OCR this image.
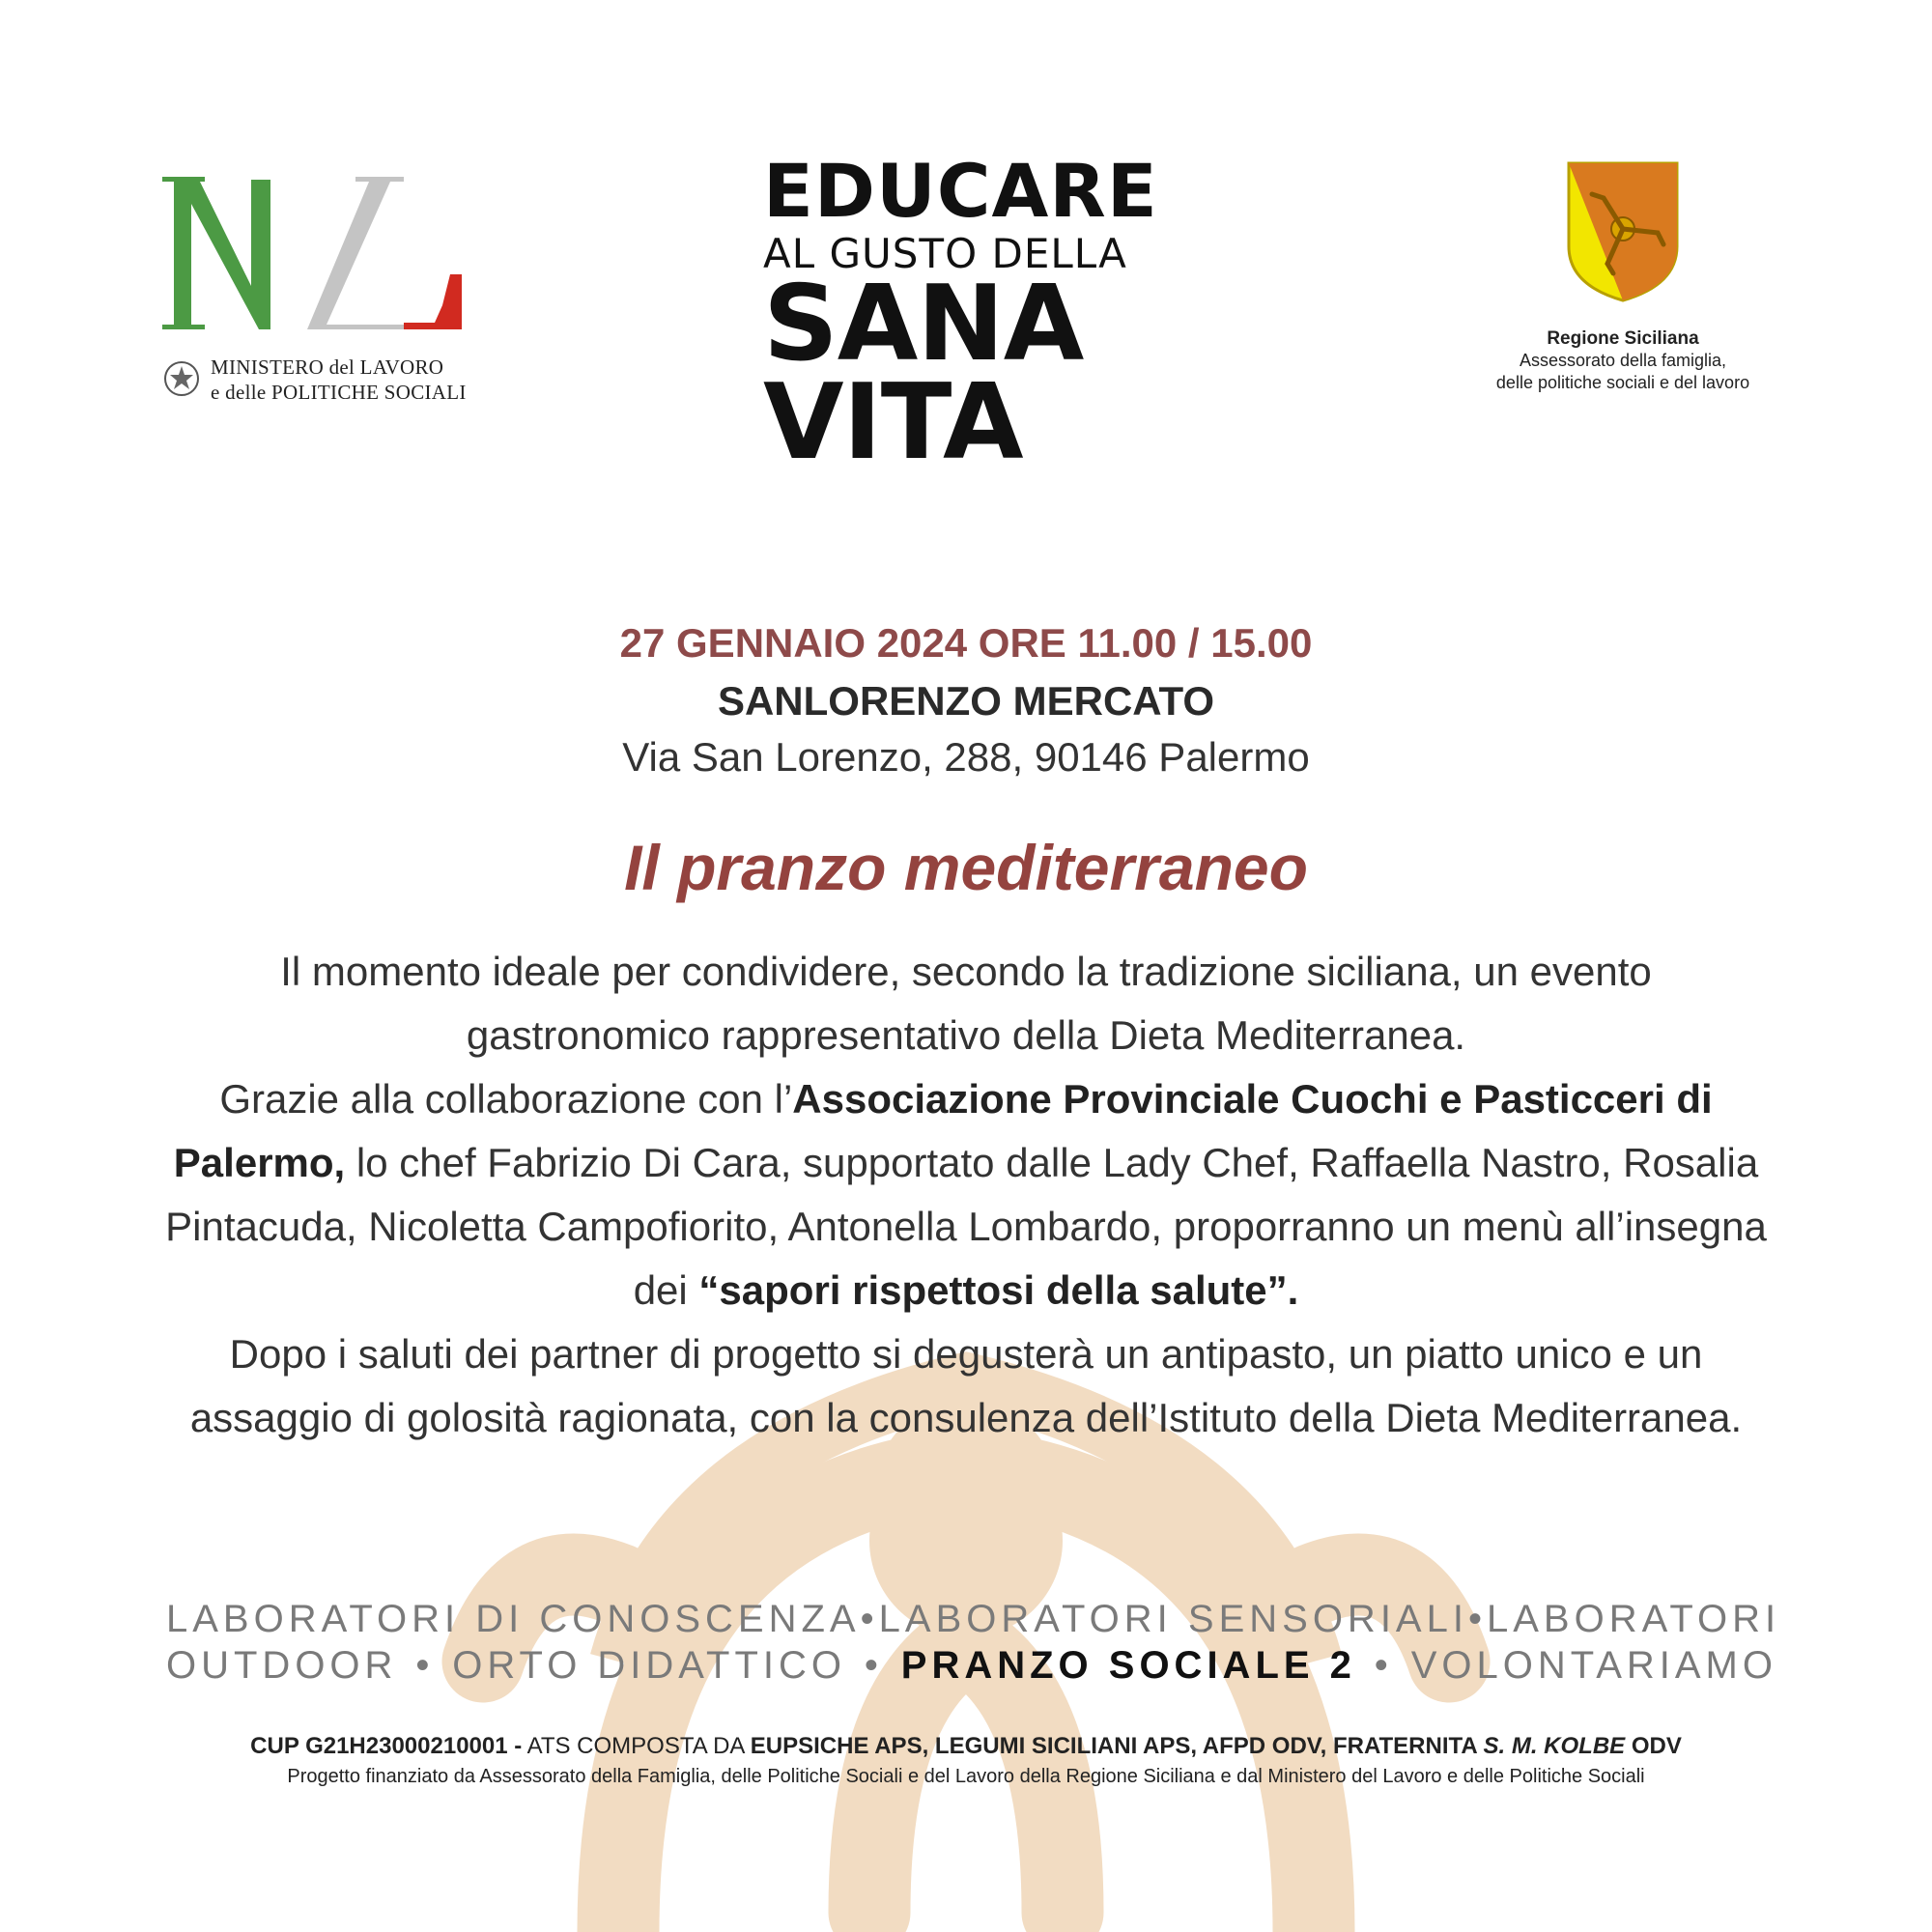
MINISTERO del LAVORO
e delle POLITICHE SOCIALI
EDUCARE
AL GUSTO DELLA
SANA
VITA
Regione Siciliana
Assessorato della famiglia,
delle politiche sociali e del lavoro
27 GENNAIO 2024 ORE 11.00 / 15.00
SANLORENZO MERCATO
Via San Lorenzo, 288, 90146 Palermo
Il pranzo mediterraneo
Il momento ideale per condividere, secondo la tradizione siciliana, un evento gastronomico rappresentativo della Dieta Mediterranea.
Grazie alla collaborazione con l’Associazione Provinciale Cuochi e Pasticceri di Palermo, lo chef Fabrizio Di Cara, supportato dalle Lady Chef, Raffaella Nastro, Rosalia Pintacuda, Nicoletta Campofiorito, Antonella Lombardo, proporranno un menù all’insegna dei “sapori rispettosi della salute”.
Dopo i saluti dei partner di progetto si degusterà un antipasto, un piatto unico e un assaggio di golosità ragionata, con la consulenza dell’Istituto della Dieta Mediterranea.
LABORATORI DI CONOSCENZA • LABORATORI SENSORIALI • LABORATORI
OUTDOOR • ORTO DIDATTICO • PRANZO SOCIALE 2 • VOLONTARIAMO
CUP G21H23000210001 - ATS COMPOSTA DA EUPSICHE APS, LEGUMI SICILIANI APS, AFPD ODV, FRATERNITA S. M. KOLBE ODV
Progetto finanziato da Assessorato della Famiglia, delle Politiche Sociali e del Lavoro della Regione Siciliana e dal Ministero del Lavoro e delle Politiche Sociali
